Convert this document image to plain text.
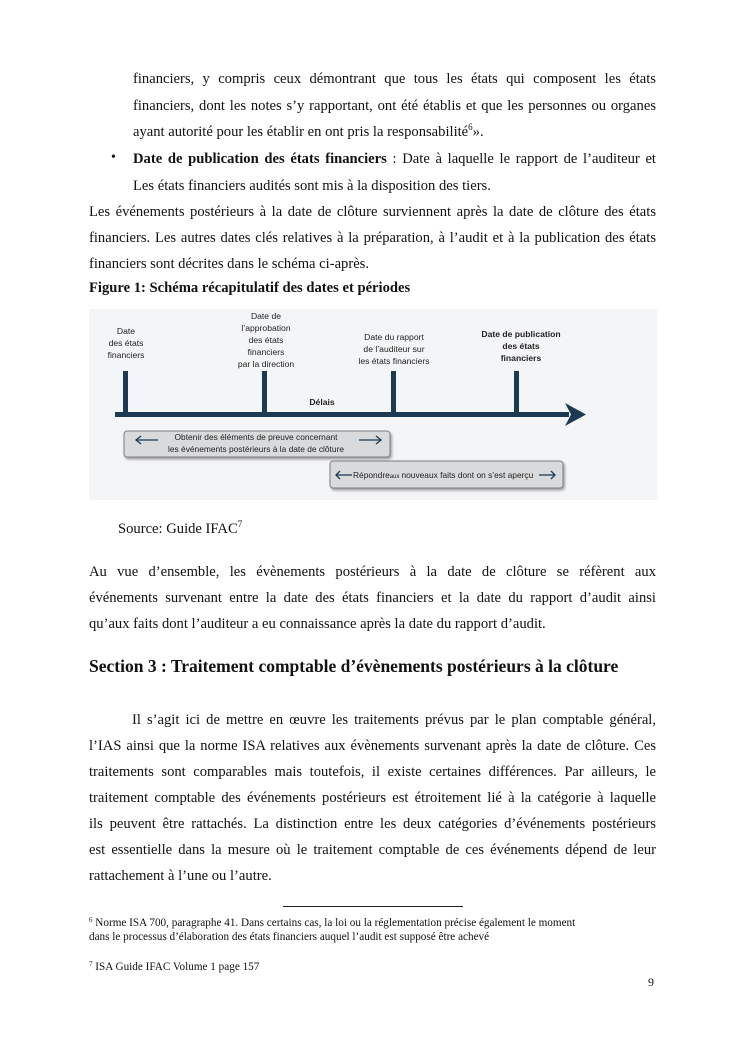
financiers, y compris ceux démontrant que tous les états qui composent les états
financiers, dont les notes s’y rapportant, ont été établis et que les personnes ou organes
ayant autorité pour les établir en ont pris la responsabilité$^6$».
• Date de publication des états financiers : Date à laquelle le rapport de l’auditeur et
Les états financiers audités sont mis à la disposition des tiers.
Les événements postérieurs à la date de clôture surviennent après la date de clôture des états
financiers. Les autres dates clés relatives à la préparation, à l’audit et à la publication des états
financiers sont décrites dans le schéma ci-après.
Figure 1: Schéma récapitulatif des dates et périodes
Date des états financiers
Date de l’approbation des états financiers par la direction
Date du rapport de l’auditeur sur les états financiers
Date de publication des états financiers
Délais
Obtenir des éléments de preuve concernant
les événements postérieurs à la date de clôture
Répondreaux nouveaux faits dont on s’est aperçu
Source: Guide IFAC$^7$
Au vue d’ensemble, les évènements postérieurs à la date de clôture se réfèrent aux
événements survenant entre la date des états financiers et la date du rapport d’audit ainsi
qu’aux faits dont l’auditeur a eu connaissance après la date du rapport d’audit.
Section 3 : Traitement comptable d’évènements postérieurs à la clôture
Il s’agit ici de mettre en œuvre les traitements prévus par le plan comptable général,
l’IAS ainsi que la norme ISA relatives aux évènements survenant après la date de clôture. Ces
traitements sont comparables mais toutefois, il existe certaines différences. Par ailleurs, le
traitement comptable des événements postérieurs est étroitement lié à la catégorie à laquelle
ils peuvent être rattachés. La distinction entre les deux catégories d’événements postérieurs
est essentielle dans la mesure où le traitement comptable de ces événements dépend de leur
rattachement à l’une ou l’autre.
$^6$ Norme ISA 700, paragraphe 41. Dans certains cas, la loi ou la réglementation précise également le moment
dans le processus d’élaboration des états financiers auquel l’audit est supposé être achevé
$^7$ ISA Guide IFAC Volume 1 page 157
9
